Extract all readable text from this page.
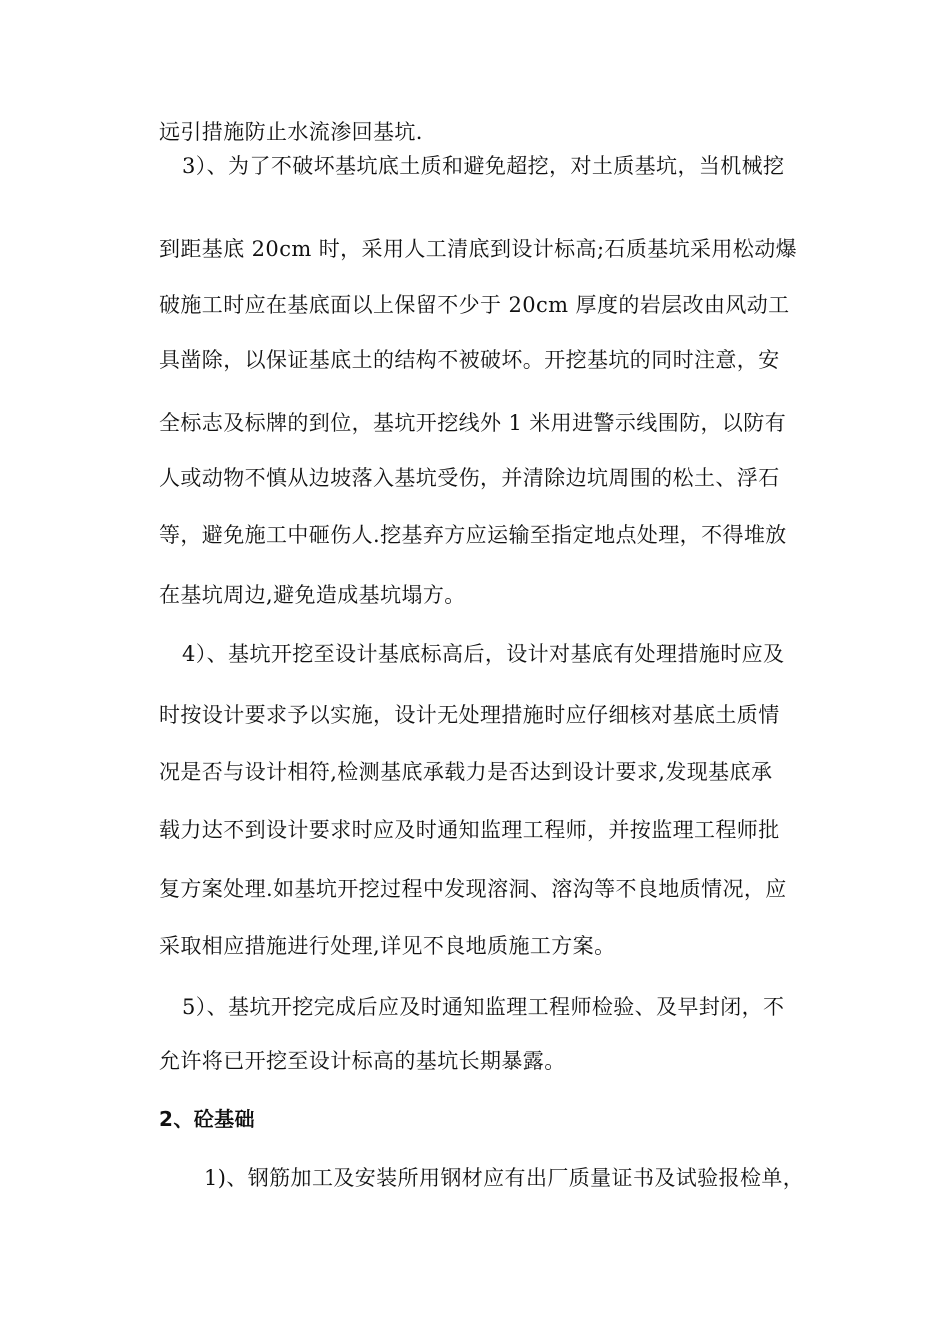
远引措施防止水流渗回基坑.
3）、为了不破坏基坑底土质和避免超挖，对土质基坑，当机械挖
到距基底 20cm 时，采用人工清底到设计标高;石质基坑采用松动爆
破施工时应在基底面以上保留不少于 20cm 厚度的岩层改由风动工
具凿除，以保证基底土的结构不被破坏。开挖基坑的同时注意，安
全标志及标牌的到位，基坑开挖线外 1 米用进警示线围防，以防有
人或动物不慎从边坡落入基坑受伤，并清除边坑周围的松土、浮石
等，避免施工中砸伤人.挖基弃方应运输至指定地点处理，不得堆放
在基坑周边,避免造成基坑塌方。
4）、基坑开挖至设计基底标高后，设计对基底有处理措施时应及
时按设计要求予以实施，设计无处理措施时应仔细核对基底土质情
况是否与设计相符,检测基底承载力是否达到设计要求,发现基底承
载力达不到设计要求时应及时通知监理工程师，并按监理工程师批
复方案处理.如基坑开挖过程中发现溶洞、溶沟等不良地质情况，应
采取相应措施进行处理,详见不良地质施工方案。
5）、基坑开挖完成后应及时通知监理工程师检验、及早封闭，不
允许将已开挖至设计标高的基坑长期暴露。
2、砼基础
1)、钢筋加工及安装所用钢材应有出厂质量证书及试验报检单，
